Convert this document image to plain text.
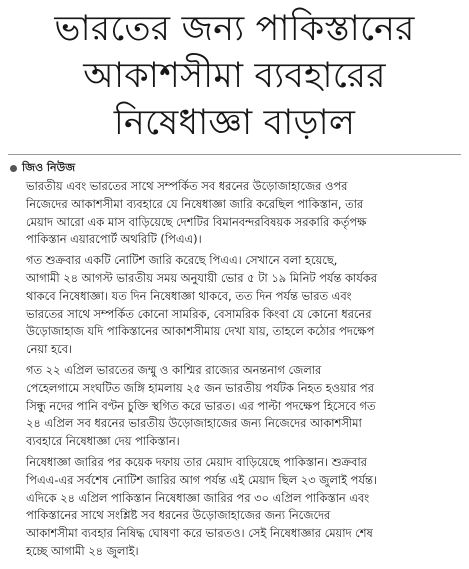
ভারতের জন্য পাকিস্তানের
আকাশসীমা ব্যবহারের
নিষেধাজ্ঞা বাড়াল
জিও নিউজ

ভারতীয় এবং ভারতের সাথে সম্পর্কিত সব ধরনের উড়োজাহাজের ওপর
নিজেদের আকাশসীমা ব্যবহারে যে নিষেধাজ্ঞা জারি করেছিল পাকিস্তান, তার
মেয়াদ আরো এক মাস বাড়িয়েছে দেশটির বিমানবন্দরবিষয়ক সরকারি কর্তৃপক্ষ
পাকিস্তান এয়ারপোর্ট অথরিটি (পিএএ)।

গত শুক্রবার একটি নোটিশ জারি করেছে পিএএ। সেখানে বলা হয়েছে,
আগামী ২৪ আগস্ট ভারতীয় সময় অনুযায়ী ভোর ৫ টা ১৯ মিনিট পর্যন্ত কার্যকর
থাকবে নিষেধাজ্ঞা। যত দিন নিষেধাজ্ঞা থাকবে, তত দিন পর্যন্ত ভারত এবং
ভারতের সাথে সম্পর্কিত কোনো সামরিক, বেসামরিক কিংবা যে কোনো ধরনের
উড়োজাহাজ যদি পাকিস্তানের আকাশসীমায় দেখা যায়, তাহলে কঠোর পদক্ষেপ
নেয়া হবে।

গত ২২ এপ্রিল ভারতের জম্মু ও কাশ্মির রাজ্যের অনন্তনাগ জেলার
পেহেলগামে সংঘটিত জঙ্গি হামলায় ২৫ জন ভারতীয় পর্যটক নিহত হওয়ার পর
সিন্ধু নদের পানি বণ্টন চুক্তি স্থগিত করে ভারত। এর পাল্টা পদক্ষেপ হিসেবে গত
২৪ এপ্রিল সব ধরনের ভারতীয় উড়োজাহাজের জন্য নিজেদের আকাশসীমা
ব্যবহারে নিষেধাজ্ঞা দেয় পাকিস্তান।

নিষেধাজ্ঞা জারির পর কয়েক দফায় তার মেয়াদ বাড়িয়েছে পাকিস্তান। শুক্রবার
পিএএ-এর সর্বশেষ নোটিশ জারির আগ পর্যন্ত এই মেয়াদ ছিল ২৩ জুলাই পর্যন্ত।
এদিকে ২৪ এপ্রিল পাকিস্তান নিষেধাজ্ঞা জারির পর ৩০ এপ্রিল পাকিস্তান এবং
পাকিস্তানের সাথে সংশ্লিষ্ট সব ধরনের উড়োজাহাজের জন্য নিজেদের
আকাশসীমা ব্যবহার নিষিদ্ধ ঘোষণা করে ভারতও। সেই নিষেধাজ্ঞার মেয়াদ শেষ
হচ্ছে আগামী ২৪ জুলাই।
